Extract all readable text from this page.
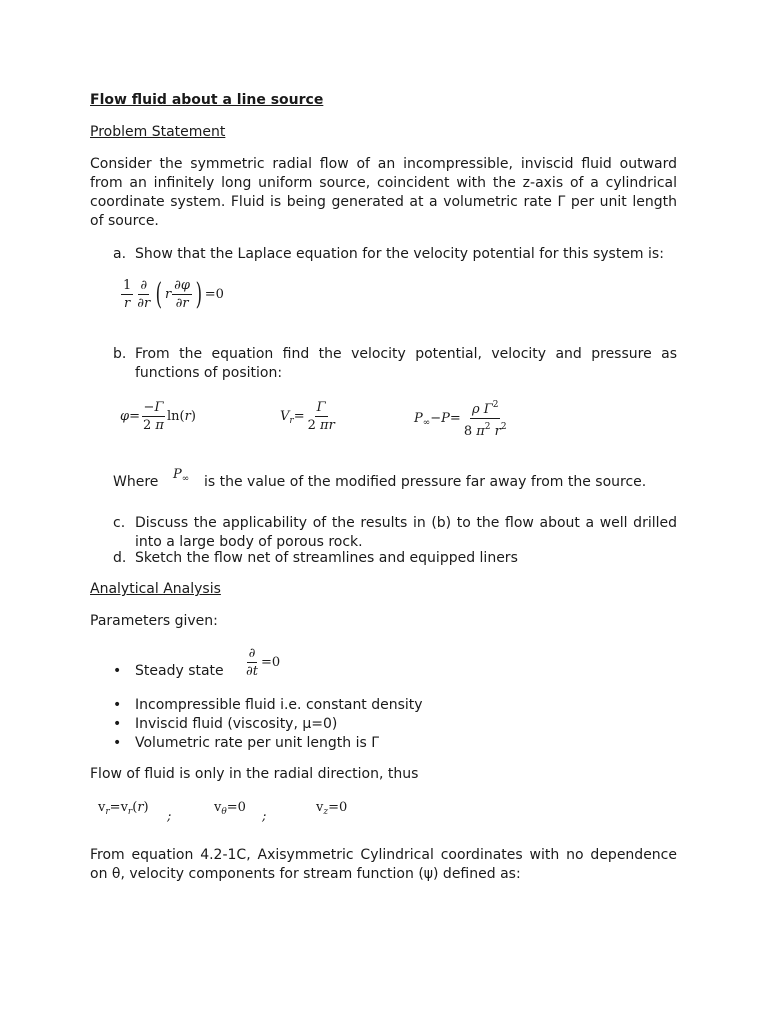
Flow fluid about a line source
Problem Statement
Consider the symmetric radial flow of an incompressible, inviscid fluid outward from an infinitely long uniform source, coincident with the z-axis of a cylindrical coordinate system. Fluid is being generated at a volumetric rate Γ per unit length of source.
a. Show that the Laplace equation for the velocity potential for this system is:
$\frac{1}{r} \frac{\partial}{\partial r}$ ( r $\frac{\partial\varphi}{\partial r}$ ) =0
b. From the equation find the velocity potential, velocity and pressure as functions of position:
$\varphi= \frac{-\Gamma}{2 \pi} \ln(r)$	$V_r= \frac{\Gamma}{2 \pi r}$	$P_\infty-P= \frac{\rho \Gamma^2}{8 \pi^2 r^2}$
Where $P_\infty$ is the value of the modified pressure far away from the source.
c. Discuss the applicability of the results in (b) to the flow about a well drilled into a large body of porous rock.
d. Sketch the flow net of streamlines and equipped liners
Analytical Analysis
Parameters given:
• Steady state $\frac{\partial}{\partial t} =0$
• Incompressible fluid i.e. constant density
• Inviscid fluid (viscosity, μ=0)
• Volumetric rate per unit length is Γ
Flow of fluid is only in the radial direction, thus
$v_r=v_r(r)$
;
$v_\theta=0$
;
$v_z=0$
From equation 4.2-1C, Axisymmetric Cylindrical coordinates with no dependence on θ, velocity components for stream function (ψ) defined as:
